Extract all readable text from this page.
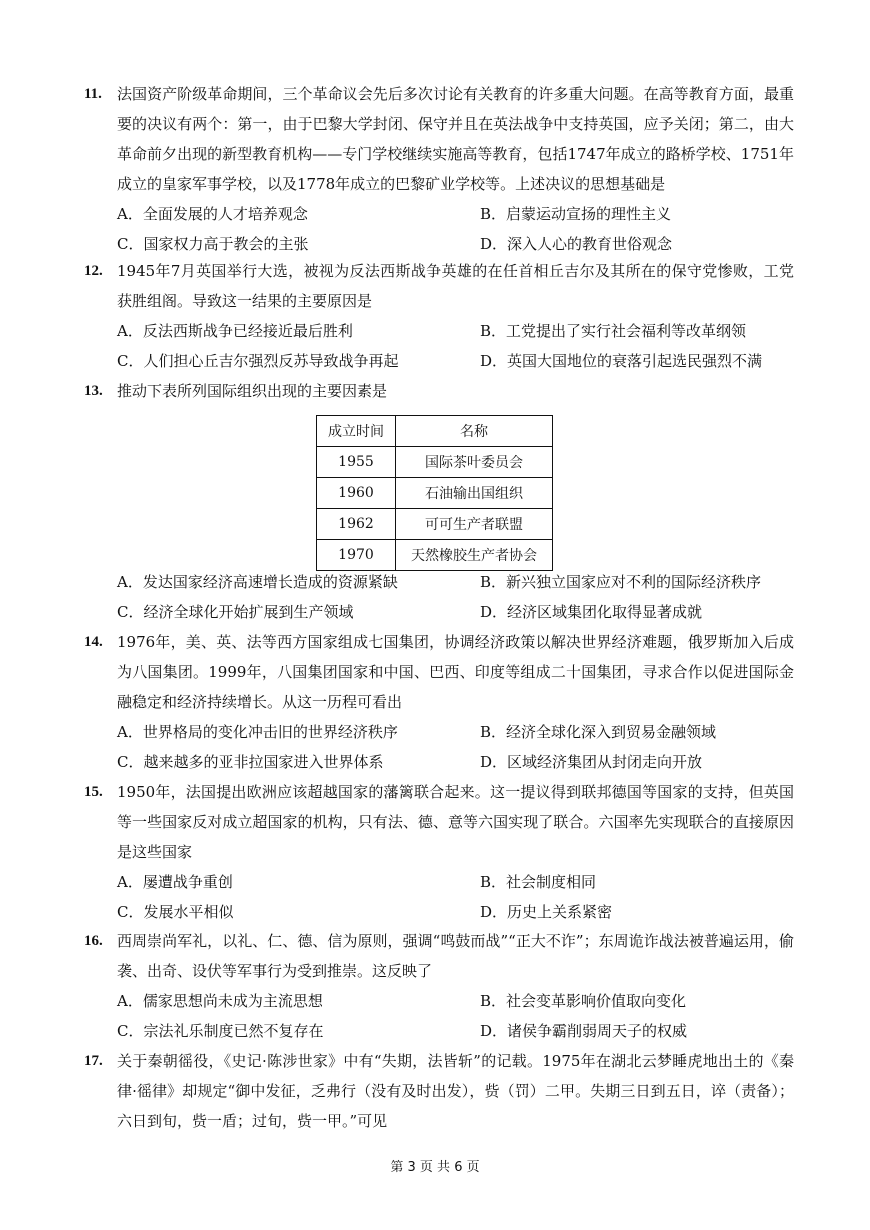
11. 法国资产阶级革命期间，三个革命议会先后多次讨论有关教育的许多重大问题。在高等教育方面，最重要的决议有两个：第一，由于巴黎大学封闭、保守并且在英法战争中支持英国，应予关闭；第二，由大革命前夕出现的新型教育机构——专门学校继续实施高等教育，包括1747年成立的路桥学校、1751年成立的皇家军事学校，以及1778年成立的巴黎矿业学校等。上述决议的思想基础是
A．全面发展的人才培养观念	B．启蒙运动宣扬的理性主义
C．国家权力高于教会的主张	D．深入人心的教育世俗观念
12. 1945年7月英国举行大选，被视为反法西斯战争英雄的在任首相丘吉尔及其所在的保守党惨败，工党获胜组阁。导致这一结果的主要原因是
A．反法西斯战争已经接近最后胜利	B．工党提出了实行社会福利等改革纲领
C．人们担心丘吉尔强烈反苏导致战争再起	D．英国大国地位的衰落引起选民强烈不满
13. 推动下表所列国际组织出现的主要因素是
成立时间	名称
1955	国际茶叶委员会
1960	石油输出国组织
1962	可可生产者联盟
1970	天然橡胶生产者协会
A．发达国家经济高速增长造成的资源紧缺	B．新兴独立国家应对不利的国际经济秩序
C．经济全球化开始扩展到生产领域	D．经济区域集团化取得显著成就
14. 1976年，美、英、法等西方国家组成七国集团，协调经济政策以解决世界经济难题，俄罗斯加入后成为八国集团。1999年，八国集团国家和中国、巴西、印度等组成二十国集团，寻求合作以促进国际金融稳定和经济持续增长。从这一历程可看出
A．世界格局的变化冲击旧的世界经济秩序	B．经济全球化深入到贸易金融领域
C．越来越多的亚非拉国家进入世界体系	D．区域经济集团从封闭走向开放
15. 1950年，法国提出欧洲应该超越国家的藩篱联合起来。这一提议得到联邦德国等国家的支持，但英国等一些国家反对成立超国家的机构，只有法、德、意等六国实现了联合。六国率先实现联合的直接原因是这些国家
A．屡遭战争重创	B．社会制度相同
C．发展水平相似	D．历史上关系紧密
16. 西周崇尚军礼，以礼、仁、德、信为原则，强调“鸣鼓而战”“正大不诈”；东周诡诈战法被普遍运用，偷袭、出奇、设伏等军事行为受到推崇。这反映了
A．儒家思想尚未成为主流思想	B．社会变革影响价值取向变化
C．宗法礼乐制度已然不复存在	D．诸侯争霸削弱周天子的权威
17. 关于秦朝徭役，《史记·陈涉世家》中有“失期，法皆斩”的记载。1975年在湖北云梦睡虎地出土的《秦律·徭律》却规定“御中发征，乏弗行（没有及时出发），赀（罚）二甲。失期三日到五日，谇（责备）；六日到旬，赀一盾；过旬，赀一甲。”可见
第 3 页 共 6 页
